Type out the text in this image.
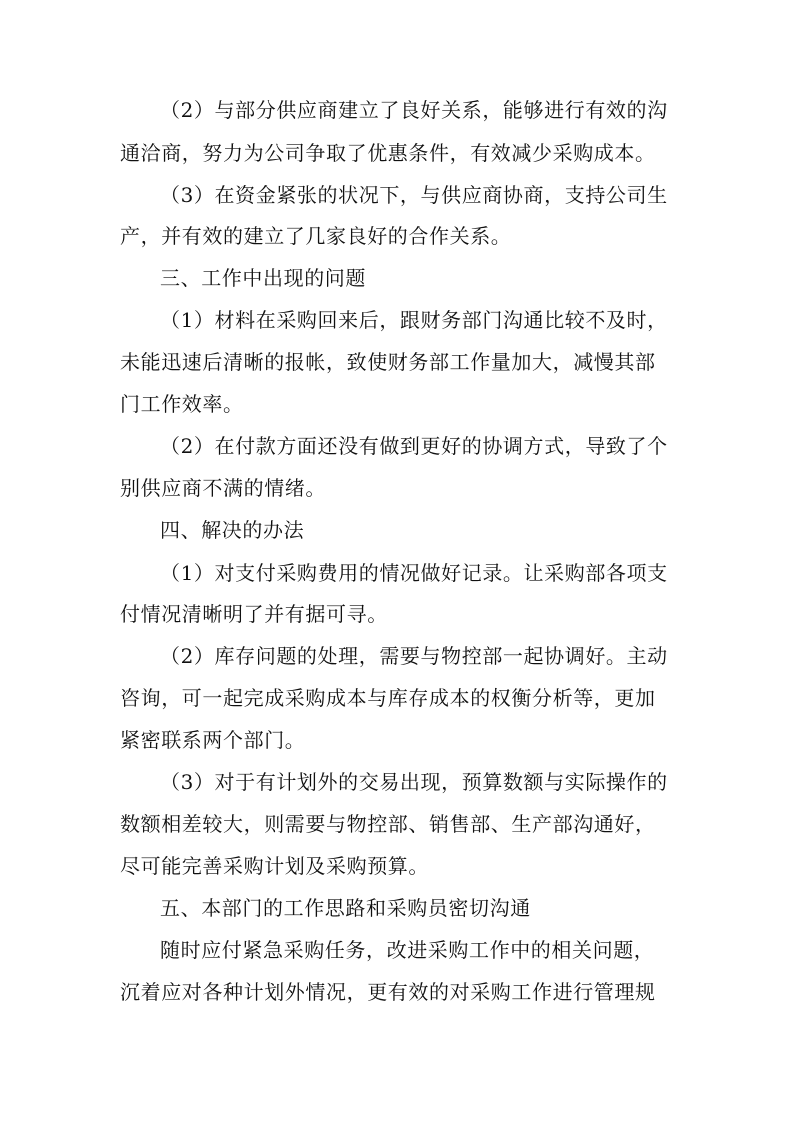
（2）与部分供应商建立了良好关系，能够进行有效的沟
通洽商，努力为公司争取了优惠条件，有效减少采购成本。
（3）在资金紧张的状况下，与供应商协商，支持公司生
产，并有效的建立了几家良好的合作关系。
三、工作中出现的问题
（1）材料在采购回来后，跟财务部门沟通比较不及时，
未能迅速后清晰的报帐，致使财务部工作量加大，减慢其部
门工作效率。
（2）在付款方面还没有做到更好的协调方式，导致了个
别供应商不满的情绪。
四、解决的办法
（1）对支付采购费用的情况做好记录。让采购部各项支
付情况清晰明了并有据可寻。
（2）库存问题的处理，需要与物控部一起协调好。主动
咨询，可一起完成采购成本与库存成本的权衡分析等，更加
紧密联系两个部门。
（3）对于有计划外的交易出现，预算数额与实际操作的
数额相差较大，则需要与物控部、销售部、生产部沟通好，
尽可能完善采购计划及采购预算。
五、本部门的工作思路和采购员密切沟通
随时应付紧急采购任务，改进采购工作中的相关问题，
沉着应对各种计划外情况，更有效的对采购工作进行管理规
